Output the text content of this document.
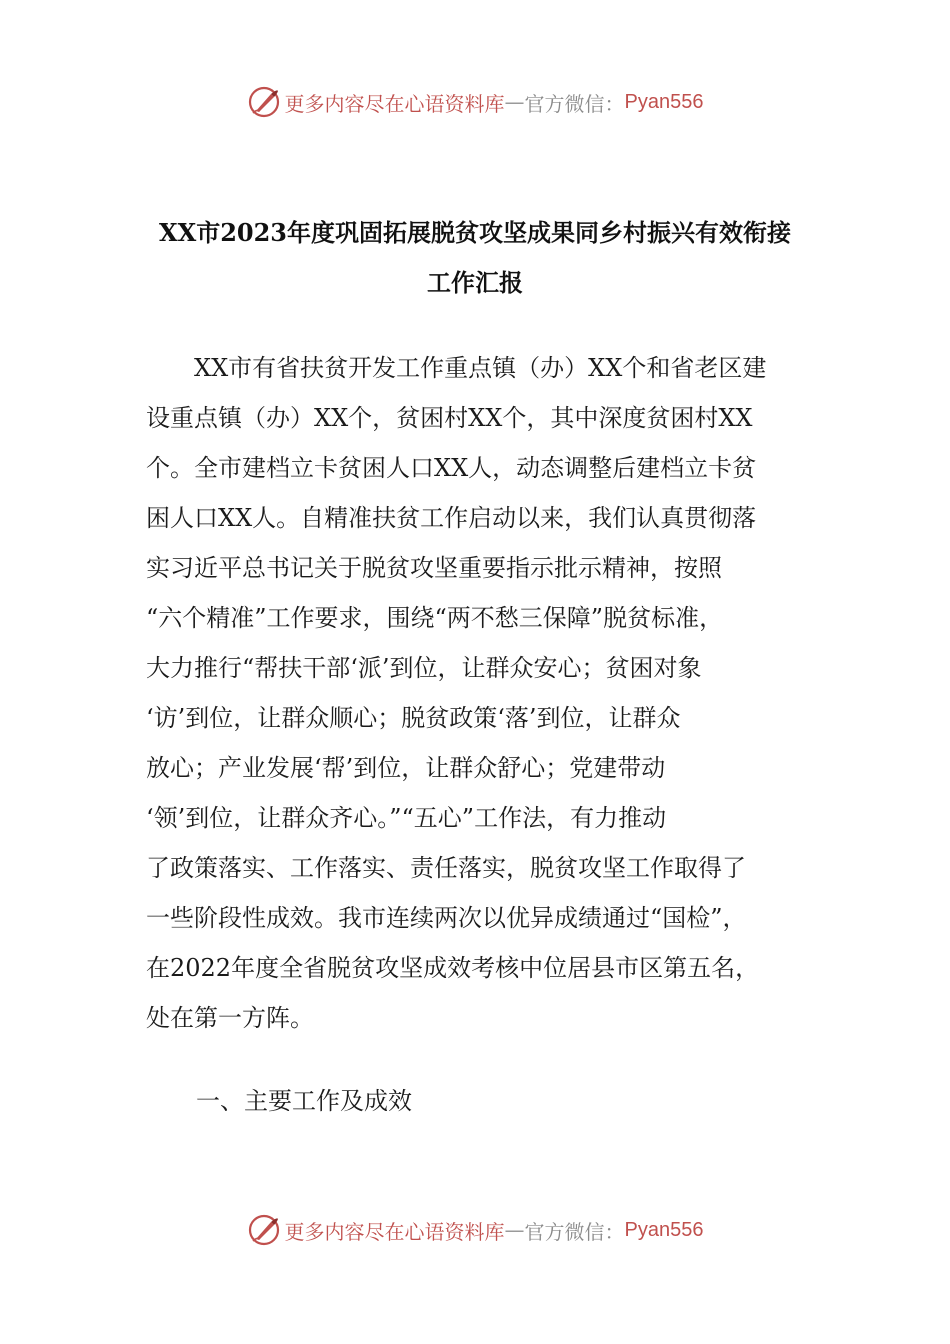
更多内容尽在心语资料库 — 官方微信： Pyan556
XX市2023年度巩固拓展脱贫攻坚成果同乡村振兴有效衔接
工作汇报
　　XX市有省扶贫开发工作重点镇（办）XX个和省老区建
设重点镇（办）XX个，贫困村XX个，其中深度贫困村XX
个。全市建档立卡贫困人口XX人，动态调整后建档立卡贫
困人口XX人。自精准扶贫工作启动以来，我们认真贯彻落
实习近平总书记关于脱贫攻坚重要指示批示精神，按照
“六个精准”工作要求，围绕“两不愁三保障”脱贫标准，
大力推行“帮扶干部‘派’到位，让群众安心；贫困对象
‘访’到位，让群众顺心；脱贫政策‘落’到位，让群众
放心；产业发展‘帮’到位，让群众舒心；党建带动
‘领’到位，让群众齐心。”“五心”工作法，有力推动
了政策落实、工作落实、责任落实，脱贫攻坚工作取得了
一些阶段性成效。我市连续两次以优异成绩通过“国检”，
在2022年度全省脱贫攻坚成效考核中位居县市区第五名，
处在第一方阵。
一、主要工作及成效
更多内容尽在心语资料库 — 官方微信： Pyan556
